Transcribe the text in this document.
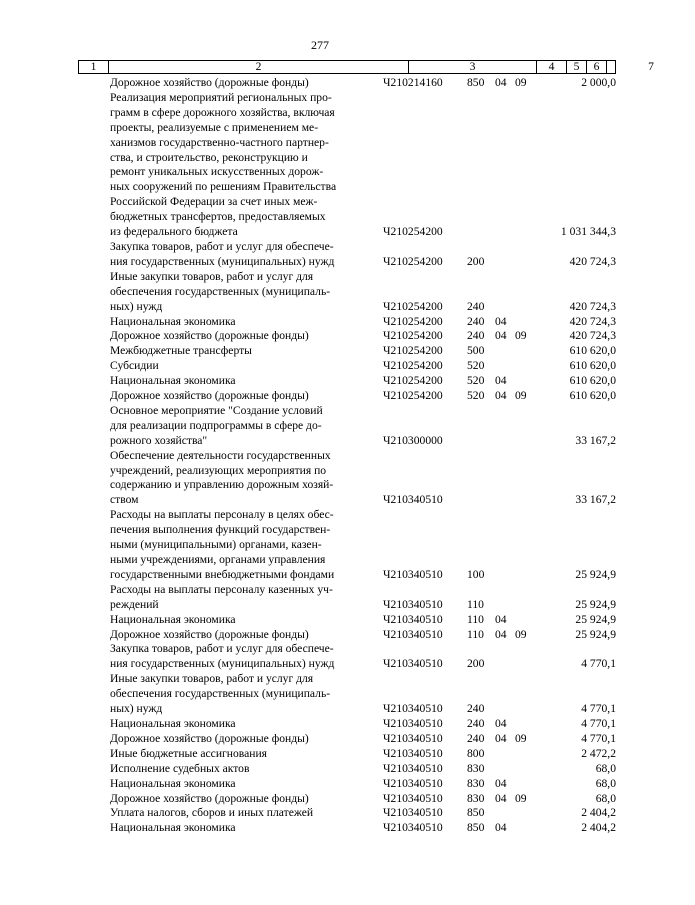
277
1	2	3	4	5	6	7
Дорожное хозяйство (дорожные фонды)	Ч210214160 850 04 09	2 000,0
Реализация мероприятий региональных про-
грамм в сфере дорожного хозяйства, включая
проекты, реализуемые с применением ме-
ханизмов государственно-частного партнер-
ства, и строительство, реконструкцию и
ремонт уникальных искусственных дорож-
ных сооружений по решениям Правительства
Российской Федерации за счет иных меж-
бюджетных трансфертов, предоставляемых
из федерального бюджета	Ч210254200	1 031 344,3
Закупка товаров, работ и услуг для обеспече-
ния государственных (муниципальных) нужд	Ч210254200 200	420 724,3
Иные закупки товаров, работ и услуг для
обеспечения государственных (муниципаль-
ных) нужд	Ч210254200 240	420 724,3
Национальная экономика	Ч210254200 240 04	420 724,3
Дорожное хозяйство (дорожные фонды)	Ч210254200 240 04 09	420 724,3
Межбюджетные трансферты	Ч210254200 500	610 620,0
Субсидии	Ч210254200 520	610 620,0
Национальная экономика	Ч210254200 520 04	610 620,0
Дорожное хозяйство (дорожные фонды)	Ч210254200 520 04 09	610 620,0
Основное мероприятие "Создание условий
для реализации подпрограммы в сфере до-
рожного хозяйства"	Ч210300000	33 167,2
Обеспечение деятельности государственных
учреждений, реализующих мероприятия по
содержанию и управлению дорожным хозяй-
ством	Ч210340510	33 167,2
Расходы на выплаты персоналу в целях обес-
печения выполнения функций государствен-
ными (муниципальными) органами, казен-
ными учреждениями, органами управления
государственными внебюджетными фондами	Ч210340510 100	25 924,9
Расходы на выплаты персоналу казенных уч-
реждений	Ч210340510 110	25 924,9
Национальная экономика	Ч210340510 110 04	25 924,9
Дорожное хозяйство (дорожные фонды)	Ч210340510 110 04 09	25 924,9
Закупка товаров, работ и услуг для обеспече-
ния государственных (муниципальных) нужд	Ч210340510 200	4 770,1
Иные закупки товаров, работ и услуг для
обеспечения государственных (муниципаль-
ных) нужд	Ч210340510 240	4 770,1
Национальная экономика	Ч210340510 240 04	4 770,1
Дорожное хозяйство (дорожные фонды)	Ч210340510 240 04 09	4 770,1
Иные бюджетные ассигнования	Ч210340510 800	2 472,2
Исполнение судебных актов	Ч210340510 830	68,0
Национальная экономика	Ч210340510 830 04	68,0
Дорожное хозяйство (дорожные фонды)	Ч210340510 830 04 09	68,0
Уплата налогов, сборов и иных платежей	Ч210340510 850	2 404,2
Национальная экономика	Ч210340510 850 04	2 404,2
